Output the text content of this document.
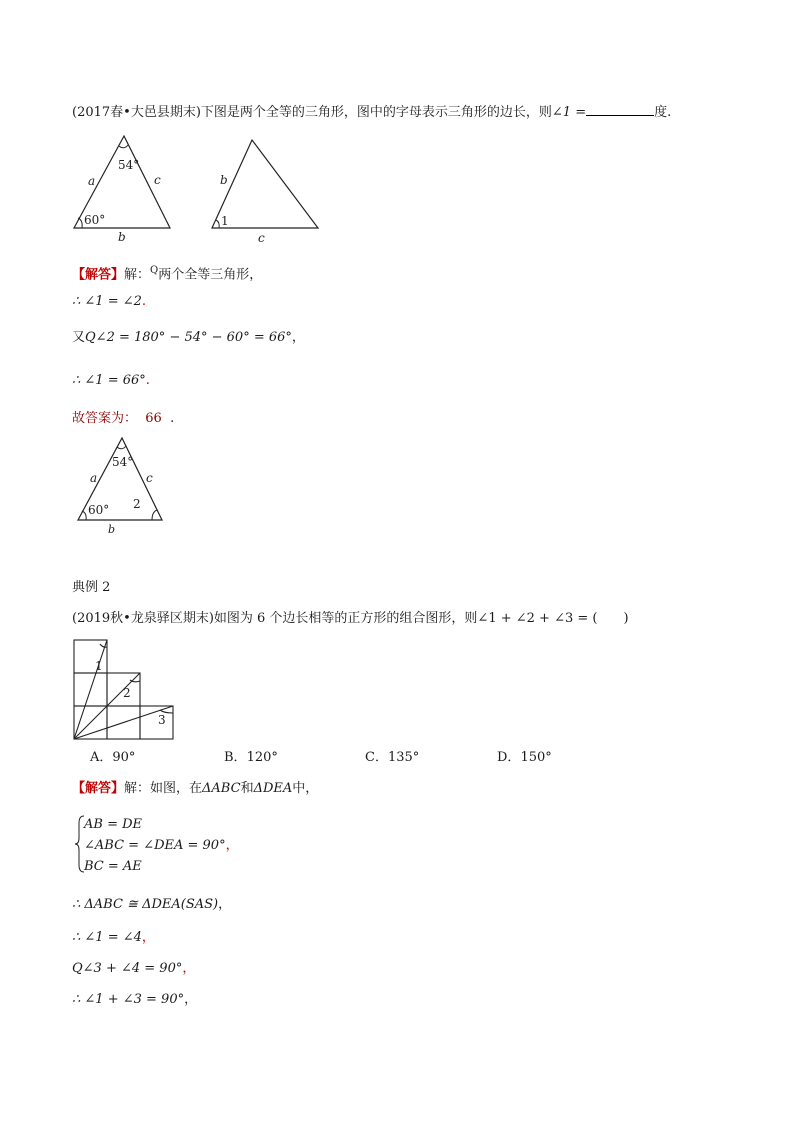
(2017春•大邑县期末)下图是两个全等的三角形，图中的字母表示三角形的边长，则∠1 =	度.
54°
60°
a	c
b
1
b
c
【解答】解：$^Q$两个全等三角形，
∴ ∠1 = ∠2.
又Q∠2 = 180° − 54° − 60° = 66°，
∴ ∠1 = 66°.
故答案为： 66 .
54°
60° 2
a	c
b
典例 2
(2019秋•龙泉驿区期末)如图为 6 个边长相等的正方形的组合图形，则∠1 + ∠2 + ∠3 = (　　)
1
2
3
A．90°	B．120°	C．135°	D．150°
【解答】解：如图，在ΔABC和ΔDEA中，
AB = DE
∠ABC = ∠DEA = 90°，
BC = AE
∴ ΔABC ≅ ΔDEA(SAS)，
∴ ∠1 = ∠4，
Q∠3 + ∠4 = 90°，
∴ ∠1 + ∠3 = 90°，
